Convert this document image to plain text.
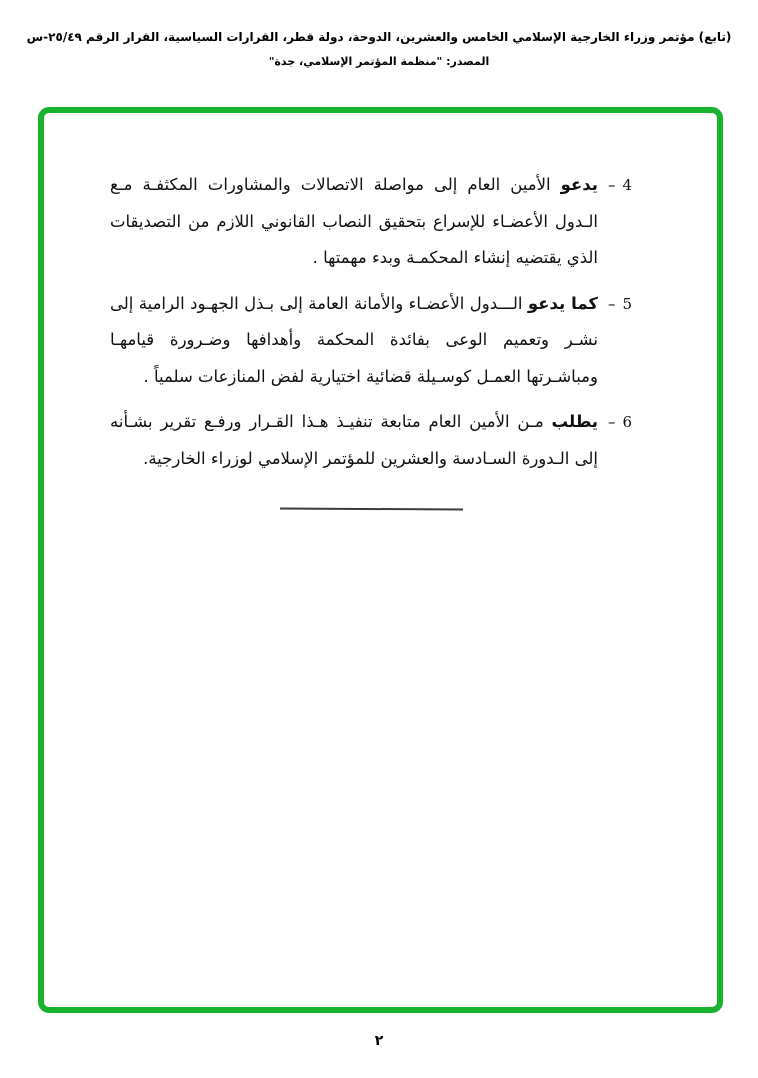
(تابع) مؤتمر وزراء الخارجية الإسلامي الخامس والعشرين، الدوحة، دولة قطر، القرارات السياسية، القرار الرقم ٢٥/٤٩-س
المصدر: "منظمة المؤتمر الإسلامي، جدة"
– 4
يدعو الأمين العام إلى مواصلة الاتصالات والمشاورات المكثفـة مـع الـدول الأعضـاء للإسراع بتحقيق النصاب القانوني اللازم من التصديقات الذي يقتضيه إنشاء المحكمـة وبدء مهمتها .
– 5
كما يدعو الـــدول الأعضـاء والأمانة العامة إلى بـذل الجهـود الرامية إلى نشـر وتعميم الوعى بفائدة المحكمة وأهدافها وضـرورة قيامهـا ومباشـرتها العمـل كوسـيلة قضائية اختيارية لفض المنازعات سلمياً .
– 6
يطلب مـن الأمين العام متابعة تنفيـذ هـذا القـرار ورفـع تقرير بشـأنه إلى الـدورة السـادسة والعشرين للمؤتمر الإسلامي لوزراء الخارجية.
٢
